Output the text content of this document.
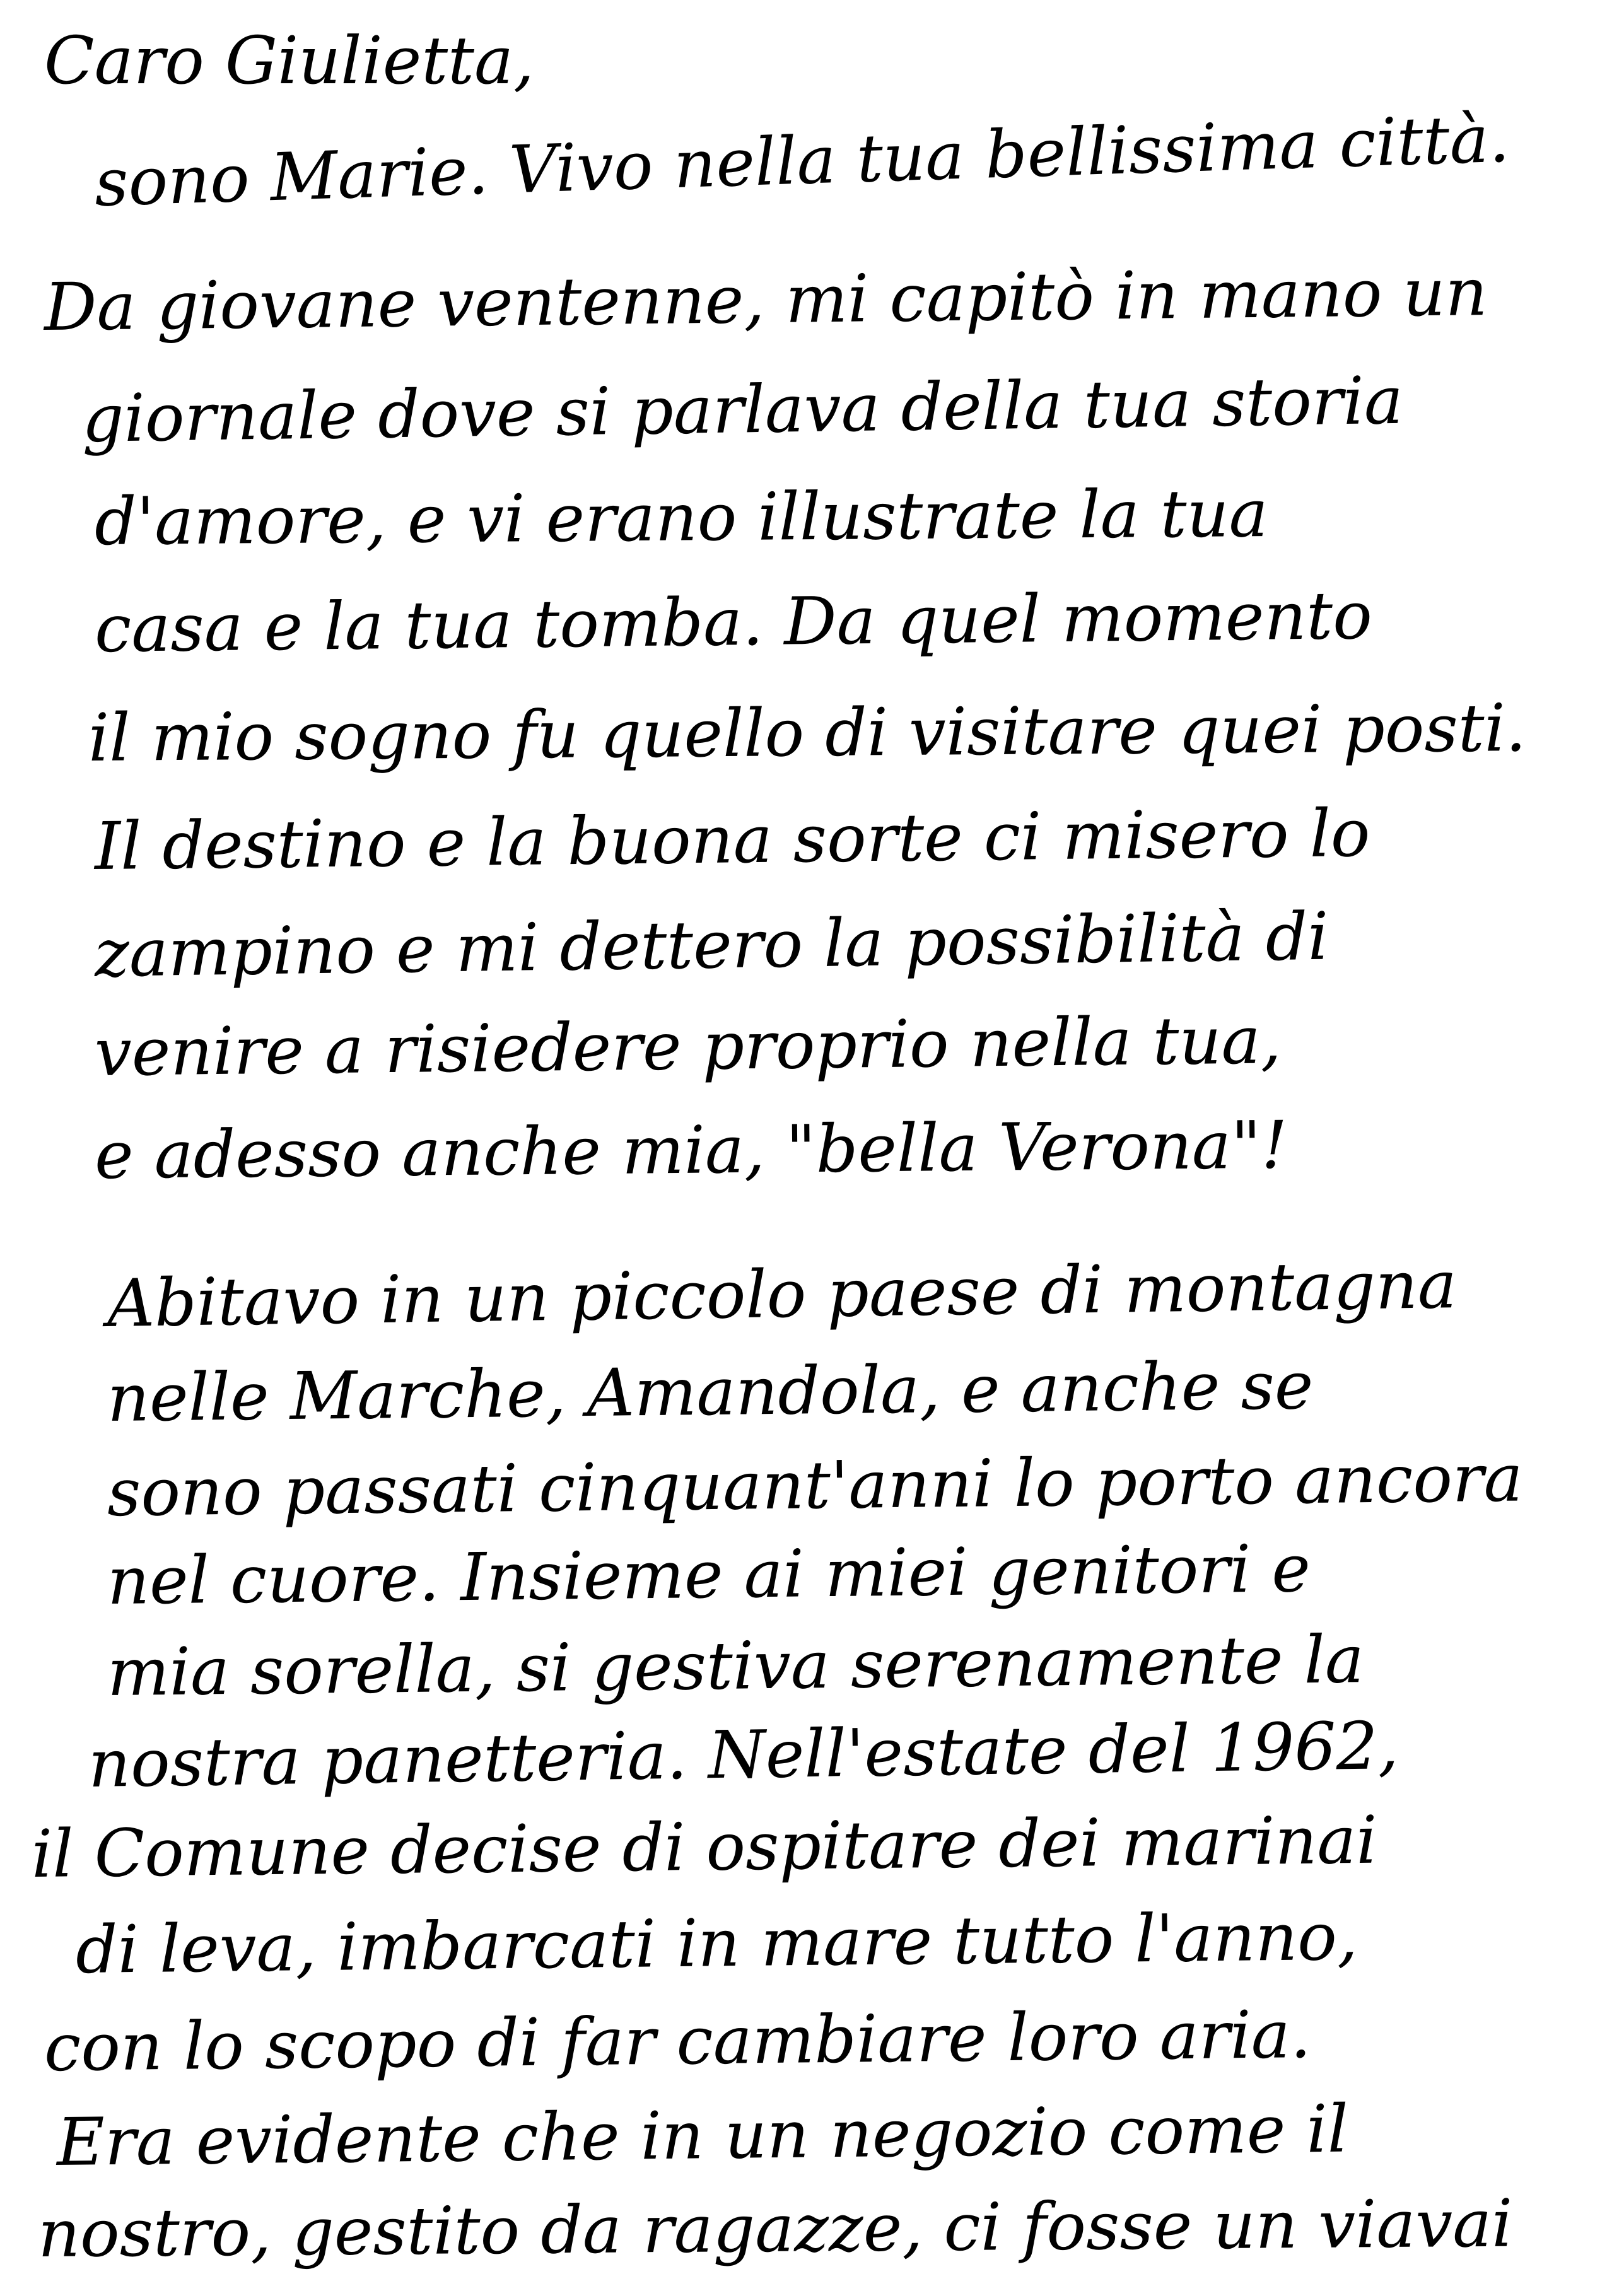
Caro Giulietta,
sono Marie. Vivo nella tua bellissima città.
Da giovane ventenne, mi capitò in mano un
giornale dove si parlava della tua storia
d'amore, e vi erano illustrate la tua
casa e la tua tomba. Da quel momento
il mio sogno fu quello di visitare quei posti.
Il destino e la buona sorte ci misero lo
zampino e mi dettero la possibilità di
venire a risiedere proprio nella tua,
e adesso anche mia, "bella Verona"!
Abitavo in un piccolo paese di montagna
nelle Marche, Amandola, e anche se
sono passati cinquant'anni lo porto ancora
nel cuore. Insieme ai miei genitori e
mia sorella, si gestiva serenamente la
nostra panetteria. Nell'estate del 1962,
il Comune decise di ospitare dei marinai
di leva, imbarcati in mare tutto l'anno,
con lo scopo di far cambiare loro aria.
Era evidente che in un negozio come il
nostro, gestito da ragazze, ci fosse un viavai
